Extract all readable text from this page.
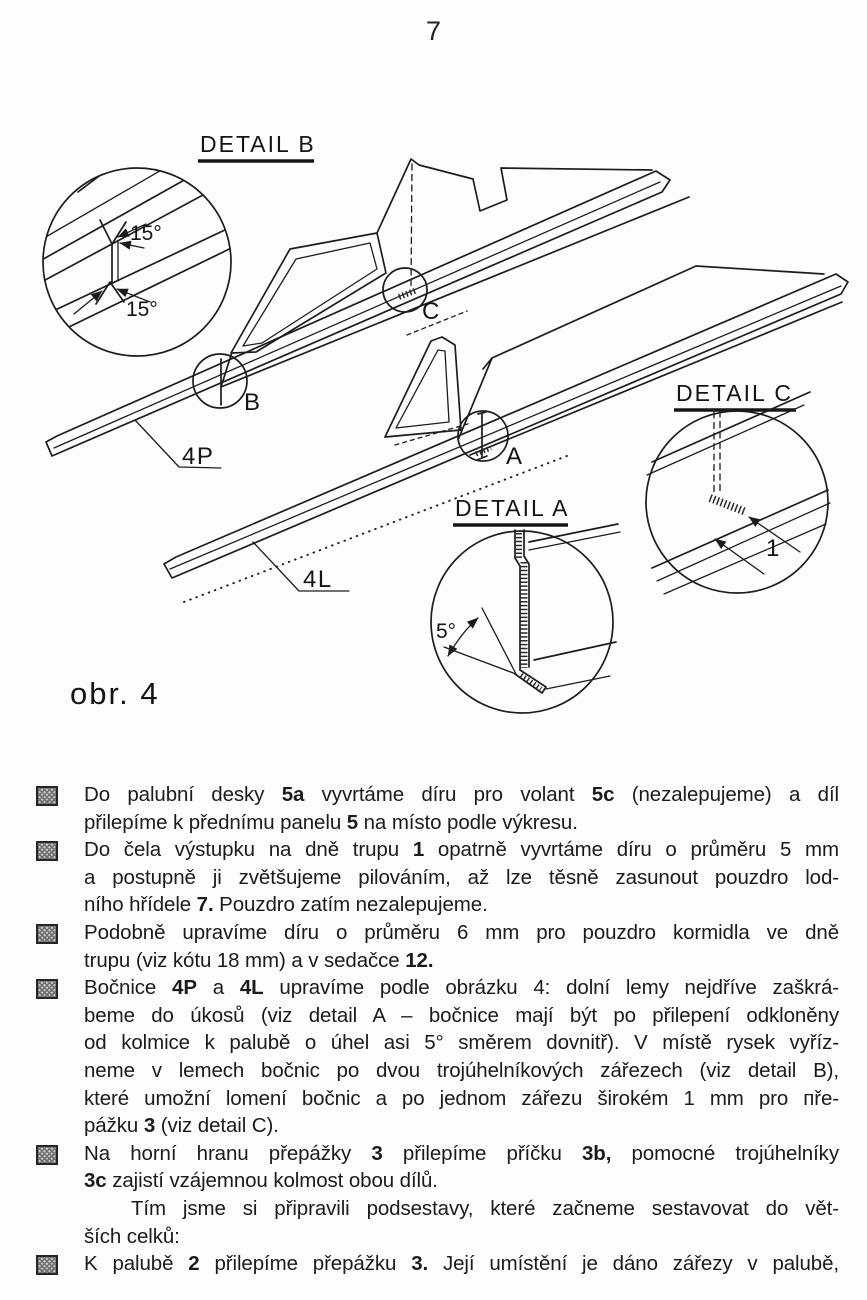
7
DETAIL B
15°
15°
B
C
4P	A
4L
DETAIL C
1
DETAIL A
5°
obr. 4
Do palubní desky 5a vyvrtáme díru pro volant 5c (nezalepujeme) a díl
přilepíme k přednímu panelu 5 na místo podle výkresu.
Do čela výstupku na dně trupu 1 opatrně vyvrtáme díru o průměru 5 mm
a postupně ji zvětšujeme pilováním, až lze těsně zasunout pouzdro lod-
ního hřídele 7. Pouzdro zatím nezalepujeme.
Podobně upravíme díru o průměru 6 mm pro pouzdro kormidla ve dně
trupu (viz kótu 18 mm) a v sedačce 12.
Bočnice 4P a 4L upravíme podle obrázku 4: dolní lemy nejdříve zaškrá-
beme do úkosů (viz detail A – bočnice mají být po přilepení odkloněny
od kolmice k palubě o úhel asi 5° směrem dovnitř). V místě rysek vyříz-
neme v lemech bočnic po dvou trojúhelníkových zářezech (viz detail B),
které umožní lomení bočnic a po jednom zářezu širokém 1 mm pro пře-
pážku 3 (viz detail C).
Na horní hranu přepážky 3 přilepíme příčku 3b, pomocné trojúhelníky
3c zajistí vzájemnou kolmost obou dílů.
Tím jsme si připravili podsestavy, které začneme sestavovat do vět-
ších celků:
K palubě 2 přilepíme přepážku 3. Její umístění je dáno zářezy v palubě,
